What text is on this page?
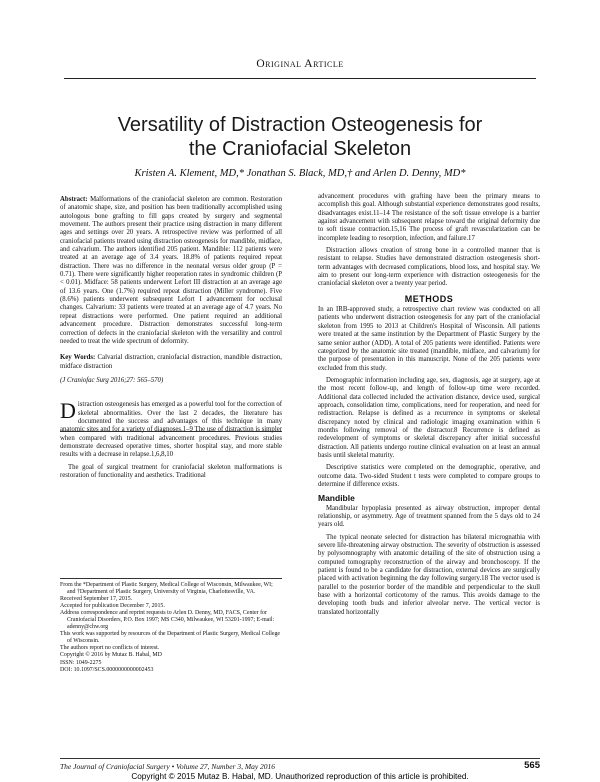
Original Article
Versatility of Distraction Osteogenesis for
the Craniofacial Skeleton
Kristen A. Klement, MD,* Jonathan S. Black, MD,† and Arlen D. Denny, MD*

Abstract: Malformations of the craniofacial skeleton are common. Restoration of anatomic shape, size, and position has been traditionally accomplished using autologous bone grafting to fill gaps created by surgery and segmental movement. The authors present their practice using distraction in many different ages and settings over 20 years. A retrospective review was performed of all craniofacial patients treated using distraction osteogenesis for mandible, midface, and calvarium. The authors identified 205 patient. Mandible: 112 patients were treated at an average age of 3.4 years. 18.8% of patients required repeat distraction. There was no difference in the neonatal versus older group (P = 0.71). There were significantly higher reoperation rates in syndromic children (P < 0.01). Midface: 58 patients underwent Lefort III distraction at an average age of 13.6 years. One (1.7%) required repeat distraction (Miller syndrome). Five (8.6%) patients underwent subsequent Lefort I advancement for occlusal changes. Calvarium: 33 patients were treated at an average age of 4.7 years. No repeat distractions were performed. One patient required an additional advancement procedure. Distraction demonstrates successful long-term correction of defects in the craniofacial skeleton with the versatility and control needed to treat the wide spectrum of deformity.

Key Words: Calvarial distraction, craniofacial distraction, mandible distraction, midface distraction

(J Craniofac Surg 2016;27: 565–570)

Distraction osteogenesis has emerged as a powerful tool for the correction of skeletal abnormalities. Over the last 2 decades, the literature has documented the success and advantages of this technique in many anatomic sites and for a variety of diagnoses.1–9 The use of distraction is simpler when compared with traditional advancement procedures. Previous studies demonstrate decreased operative times, shorter hospital stay, and more stable results with a decrease in relapse.1,6,8,10

The goal of surgical treatment for craniofacial skeleton malformations is restoration of functionality and aesthetics. Traditional

From the *Department of Plastic Surgery, Medical College of Wisconsin, Milwaukee, WI; and †Department of Plastic Surgery, University of Virginia, Charlottesville, VA.

Received September 17, 2015.

Accepted for publication December 7, 2015.

Address correspondence and reprint requests to Arlen D. Denny, MD, FACS, Center for Craniofacial Disorders, P.O. Box 1997; MS C340, Milwaukee, WI 53201-1997; E-mail: adenny@chw.org

This work was supported by resources of the Department of Plastic Surgery, Medical College of Wisconsin.

The authors report no conflicts of interest.

Copyright © 2016 by Mutaz B. Habal, MD

ISSN: 1049-2275

DOI: 10.1097/SCS.0000000000002453

advancement procedures with grafting have been the primary means to accomplish this goal. Although substantial experience demonstrates good results, disadvantages exist.11–14 The resistance of the soft tissue envelope is a barrier against advancement with subsequent relapse toward the original deformity due to soft tissue contraction.15,16 The process of graft revascularization can be incomplete leading to resorption, infection, and failure.17

Distraction allows creation of strong bone in a controlled manner that is resistant to relapse. Studies have demonstrated distraction osteogenesis short-term advantages with decreased complications, blood loss, and hospital stay. We aim to present our long-term experience with distraction osteogenesis for the craniofacial skeleton over a twenty year period.

METHODS

In an IRB-approved study, a retrospective chart review was conducted on all patients who underwent distraction osteogenesis for any part of the craniofacial skeleton from 1995 to 2013 at Children's Hospital of Wisconsin. All patients were treated at the same institution by the Department of Plastic Surgery by the same senior author (ADD). A total of 205 patients were identified. Patients were categorized by the anatomic site treated (mandible, midface, and calvarium) for the purpose of presentation in this manuscript. None of the 205 patients were excluded from this study.

Demographic information including age, sex, diagnosis, age at surgery, age at the most recent follow-up, and length of follow-up time were recorded. Additional data collected included the activation distance, device used, surgical approach, consolidation time, complications, need for reoperation, and need for redistraction. Relapse is defined as a recurrence in symptoms or skeletal discrepancy noted by clinical and radiologic imaging examination within 6 months following removal of the distractor.8 Recurrence is defined as redevelopment of symptoms or skeletal discrepancy after initial successful distraction. All patients undergo routine clinical evaluation on at least an annual basis until skeletal maturity.

Descriptive statistics were completed on the demographic, operative, and outcome data. Two-sided Student t tests were completed to compare groups to determine if difference exists.

Mandible

Mandibular hypoplasia presented as airway obstruction, improper dental relationship, or asymmetry. Age of treatment spanned from the 5 days old to 24 years old.

The typical neonate selected for distraction has bilateral micrognathia with severe life-threatening airway obstruction. The severity of obstruction is assessed by polysomnography with anatomic detailing of the site of obstruction using a computed tomography reconstruction of the airway and bronchoscopy. If the patient is found to be a candidate for distraction, external devices are surgically placed with activation beginning the day following surgery.18 The vector used is parallel to the posterior border of the mandible and perpendicular to the skull base with a horizontal corticotomy of the ramus. This avoids damage to the developing tooth buds and inferior alveolar nerve. The vertical vector is translated horizontally

The Journal of Craniofacial Surgery • Volume 27, Number 3, May 2016	565
Copyright © 2015 Mutaz B. Habal, MD. Unauthorized reproduction of this article is prohibited.
